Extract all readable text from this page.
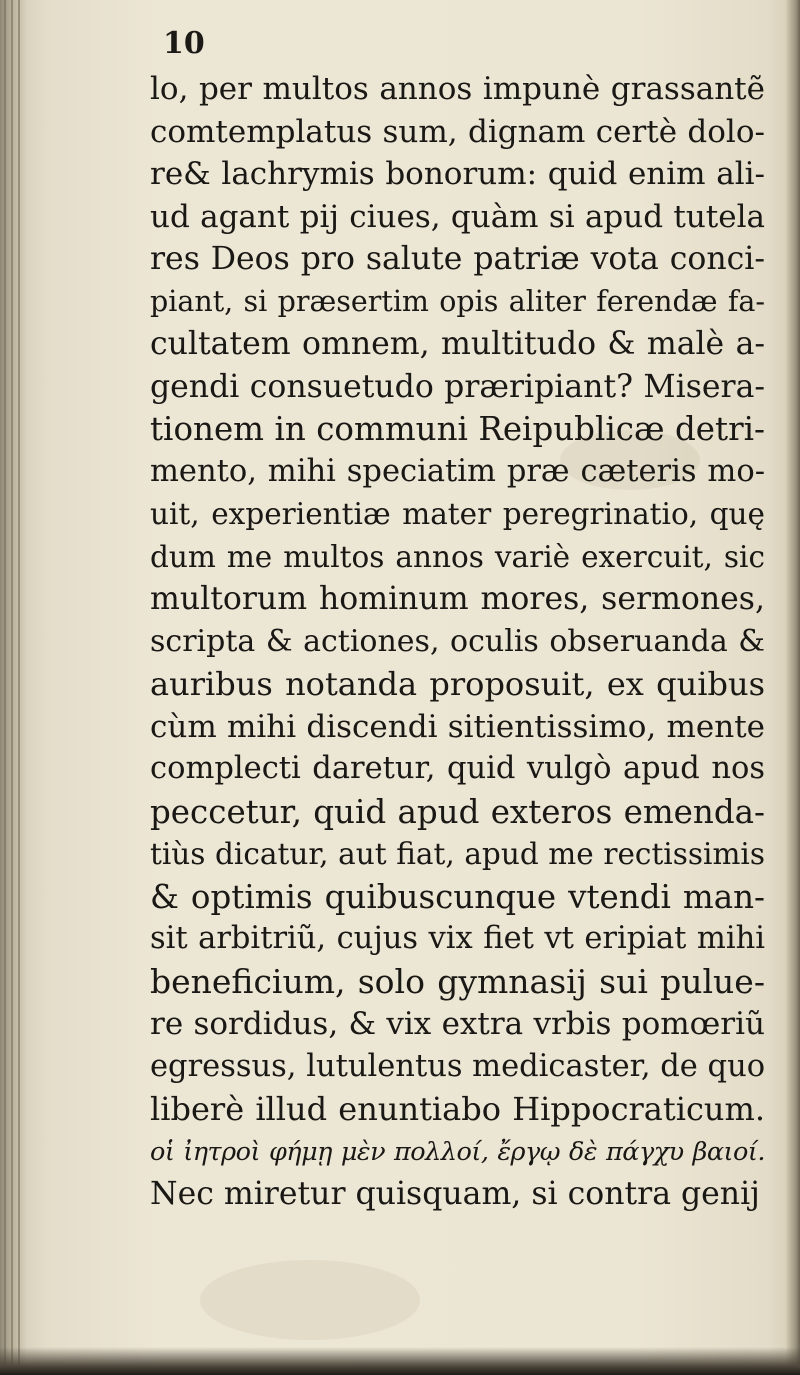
10
lo, per multos annos impunè grassantẽ
comtemplatus sum, dignam certè dolo-
re& lachrymis bonorum: quid enim ali-
ud agant pij ciues, quàm si apud tutela
res Deos pro salute patriæ vota conci-
piant, si præsertim opis aliter ferendæ fa-
cultatem omnem, multitudo & malè a-
gendi consuetudo præripiant? Misera-
tionem in communi Reipublicæ detri-
mento, mihi speciatim præ cæteris mo-
uit, experientiæ mater peregrinatio, quę
dum me multos annos variè exercuit, sic
multorum hominum mores, sermones,
scripta & actiones, oculis obseruanda &
auribus notanda proposuit, ex quibus
cùm mihi discendi sitientissimo, mente
complecti daretur, quid vulgò apud nos
peccetur, quid apud exteros emenda-
tiùs dicatur, aut fiat, apud me rectissimis
& optimis quibuscunque vtendi man-
sit arbitriũ, cujus vix fiet vt eripiat mihi
beneficium, solo gymnasij sui pulue-
re sordidus, & vix extra vrbis pomœriũ
egressus, lutulentus medicaster, de quo
liberè illud enuntiabo Hippocraticum.
οἱ ἰητροὶ φήμῃ μὲν πολλοί, ἔργῳ δὲ πάγχυ βαιοί.
Nec miretur quisquam, si contra genij
